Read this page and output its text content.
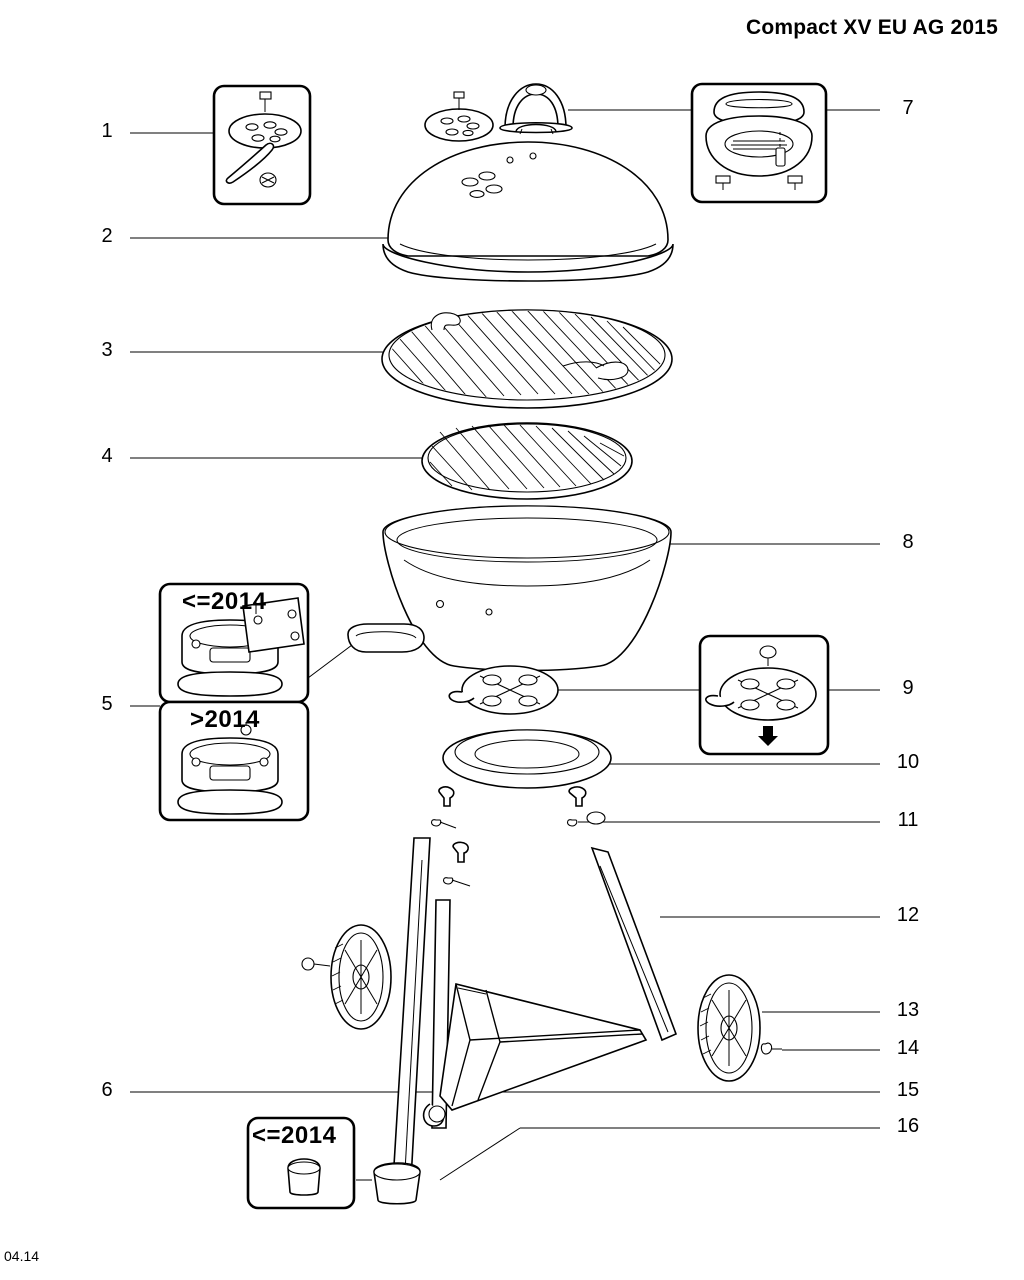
Compact XV EU AG 2015
04.14
1
2
3
4
5
6
7
8
9
10
11
12
13
14
15
16
<=2014
>2014
<=2014
